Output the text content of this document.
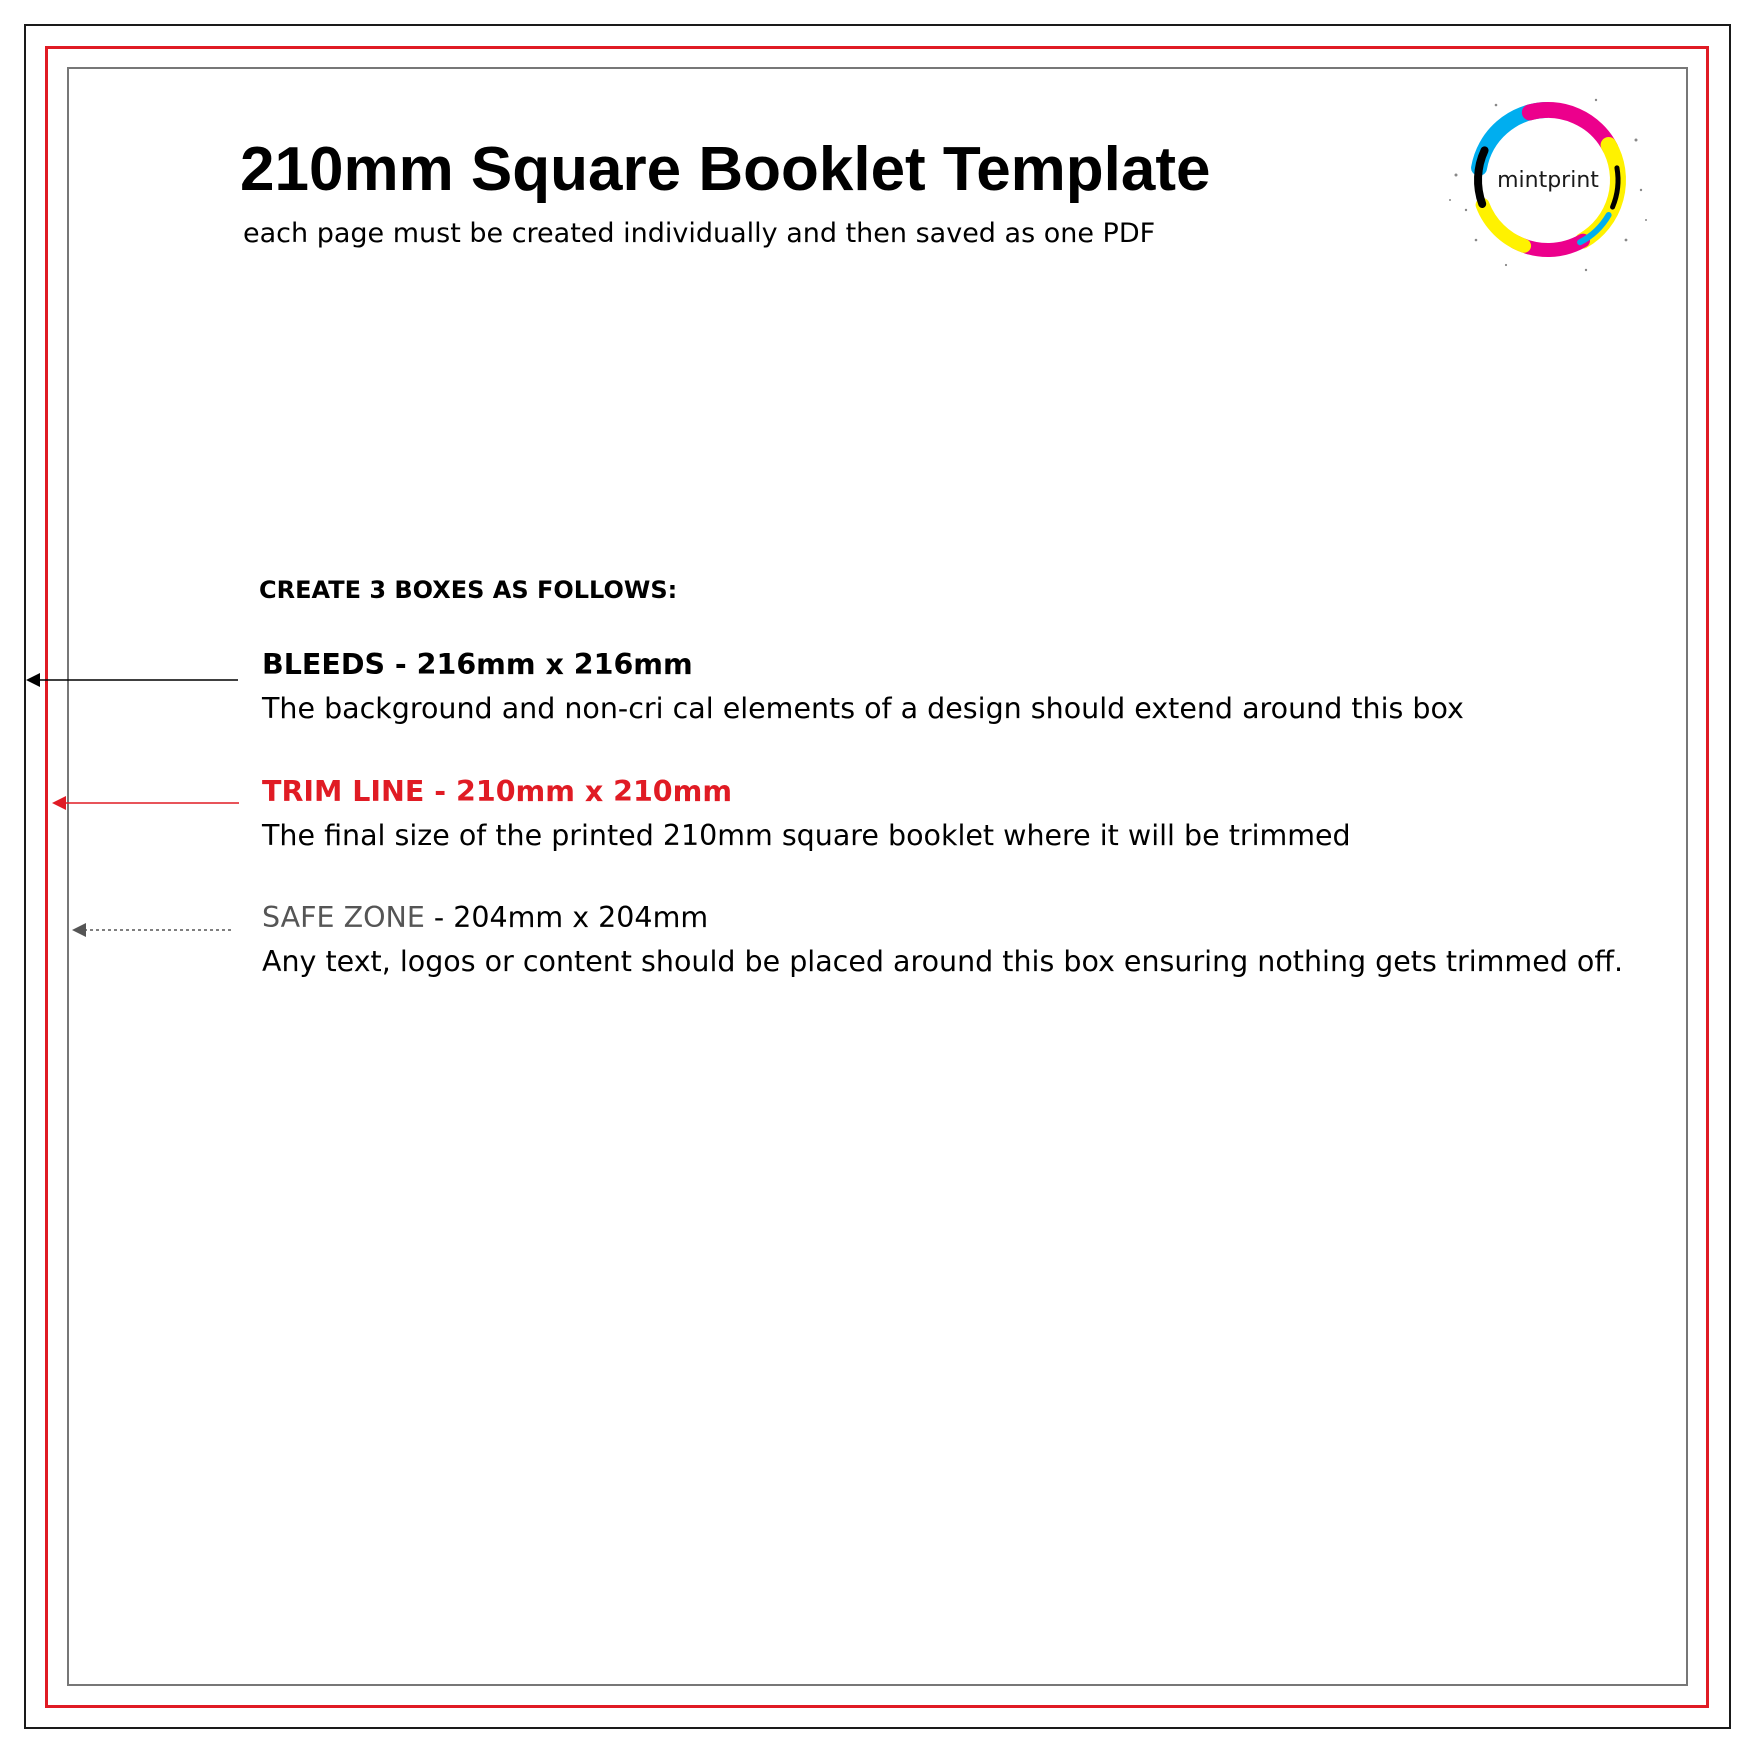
210mm Square Booklet Template
each page must be created individually and then saved as one PDF
mintprint
CREATE 3 BOXES AS FOLLOWS:
BLEEDS - 216mm x 216mm
The background and non-cri cal elements of a design should extend around this box
TRIM LINE - 210mm x 210mm
The final size of the printed 210mm square booklet where it will be trimmed
SAFE ZONE - 204mm x 204mm
Any text, logos or content should be placed around this box ensuring nothing gets trimmed off.
